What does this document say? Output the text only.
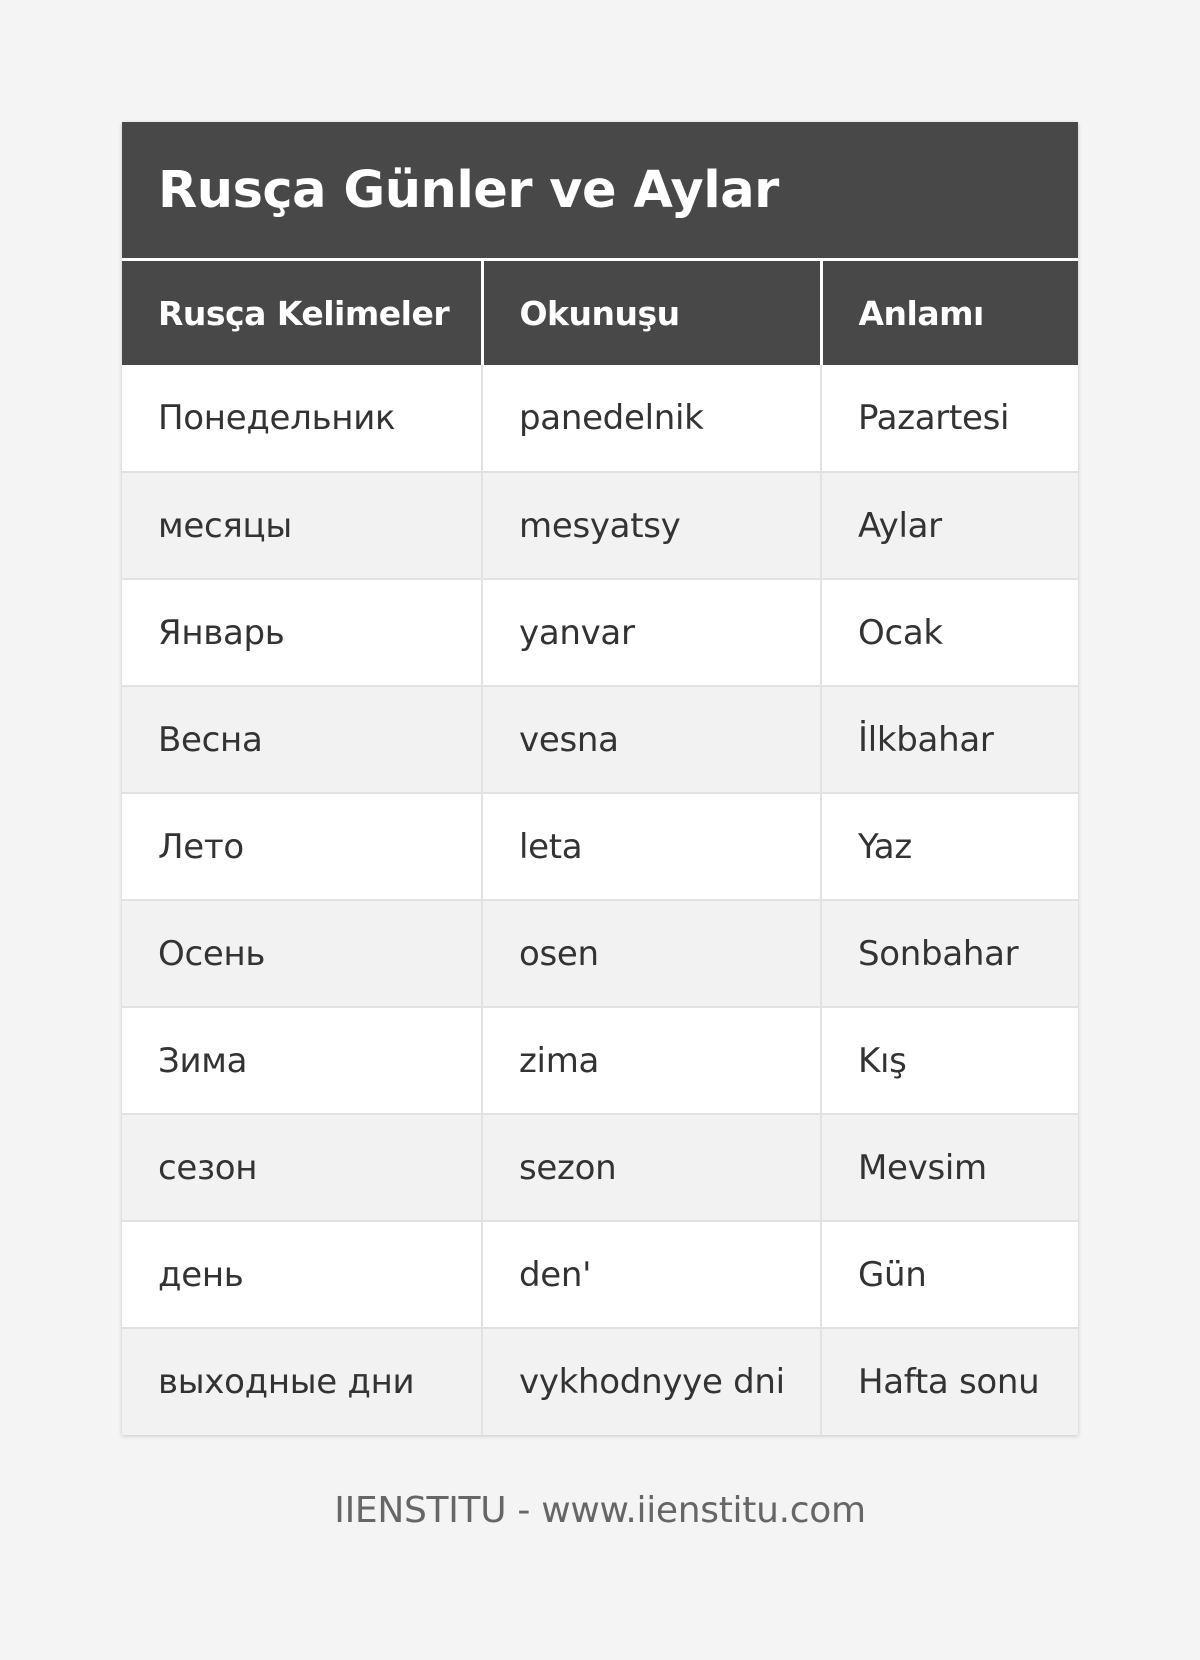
Rusça Günler ve Aylar
Rusça Kelimeler	Okunuşu	Anlamı
Понедельник	panedelnik	Pazartesi
месяцы	mesyatsy	Aylar
Январь	yanvar	Ocak
Весна	vesna	İlkbahar
Лето	leta	Yaz
Осень	osen	Sonbahar
Зима	zima	Kış
сезон	sezon	Mevsim
день	den'	Gün
выходные дни	vykhodnyye dni	Hafta sonu
IIENSTITU - www.iienstitu.com
